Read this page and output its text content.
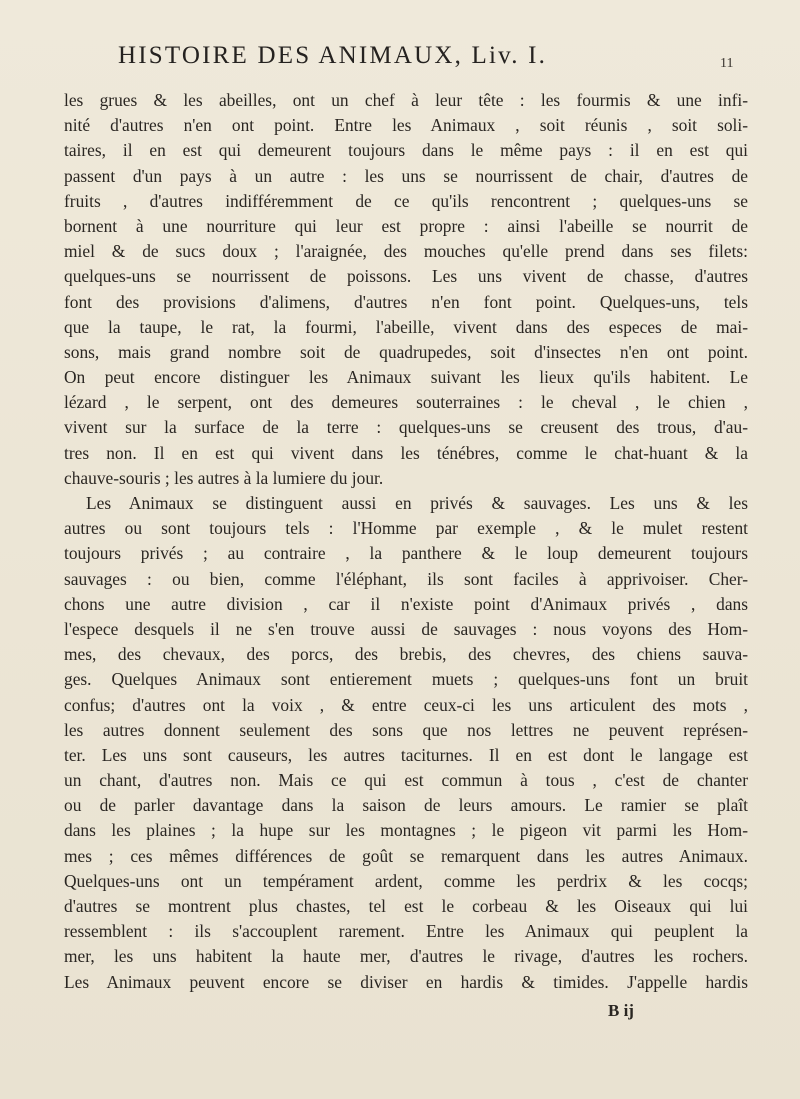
HISTOIRE DES ANIMAUX, Liv. I.	11
les grues & les abeilles, ont un chef à leur tête : les fourmis & une infi-
nité d'autres n'en ont point. Entre les Animaux , soit réunis , soit soli-
taires, il en est qui demeurent toujours dans le même pays : il en est qui
passent d'un pays à un autre : les uns se nourrissent de chair, d'autres de
fruits , d'autres indifféremment de ce qu'ils rencontrent ; quelques-uns se
bornent à une nourriture qui leur est propre : ainsi l'abeille se nourrit de
miel & de sucs doux ; l'araignée, des mouches qu'elle prend dans ses filets:
quelques-uns se nourrissent de poissons. Les uns vivent de chasse, d'autres
font des provisions d'alimens, d'autres n'en font point. Quelques-uns, tels
que la taupe, le rat, la fourmi, l'abeille, vivent dans des especes de mai-
sons, mais grand nombre soit de quadrupedes, soit d'insectes n'en ont point.
On peut encore distinguer les Animaux suivant les lieux qu'ils habitent. Le
lézard , le serpent, ont des demeures souterraines : le cheval , le chien ,
vivent sur la surface de la terre : quelques-uns se creusent des trous, d'au-
tres non. Il en est qui vivent dans les ténébres, comme le chat-huant & la
chauve-souris ; les autres à la lumiere du jour.
Les Animaux se distinguent aussi en privés & sauvages. Les uns & les
autres ou sont toujours tels : l'Homme par exemple , & le mulet restent
toujours privés ; au contraire , la panthere & le loup demeurent toujours
sauvages : ou bien, comme l'éléphant, ils sont faciles à apprivoiser. Cher-
chons une autre division , car il n'existe point d'Animaux privés , dans
l'espece desquels il ne s'en trouve aussi de sauvages : nous voyons des Hom-
mes, des chevaux, des porcs, des brebis, des chevres, des chiens sauva-
ges. Quelques Animaux sont entierement muets ; quelques-uns font un bruit
confus; d'autres ont la voix , & entre ceux-ci les uns articulent des mots ,
les autres donnent seulement des sons que nos lettres ne peuvent représen-
ter. Les uns sont causeurs, les autres taciturnes. Il en est dont le langage est
un chant, d'autres non. Mais ce qui est commun à tous , c'est de chanter
ou de parler davantage dans la saison de leurs amours. Le ramier se plaît
dans les plaines ; la hupe sur les montagnes ; le pigeon vit parmi les Hom-
mes ; ces mêmes différences de goût se remarquent dans les autres Animaux.
Quelques-uns ont un tempérament ardent, comme les perdrix & les cocqs;
d'autres se montrent plus chastes, tel est le corbeau & les Oiseaux qui lui
ressemblent : ils s'accouplent rarement. Entre les Animaux qui peuplent la
mer, les uns habitent la haute mer, d'autres le rivage, d'autres les rochers.
Les Animaux peuvent encore se diviser en hardis & timides. J'appelle hardis
B ij
